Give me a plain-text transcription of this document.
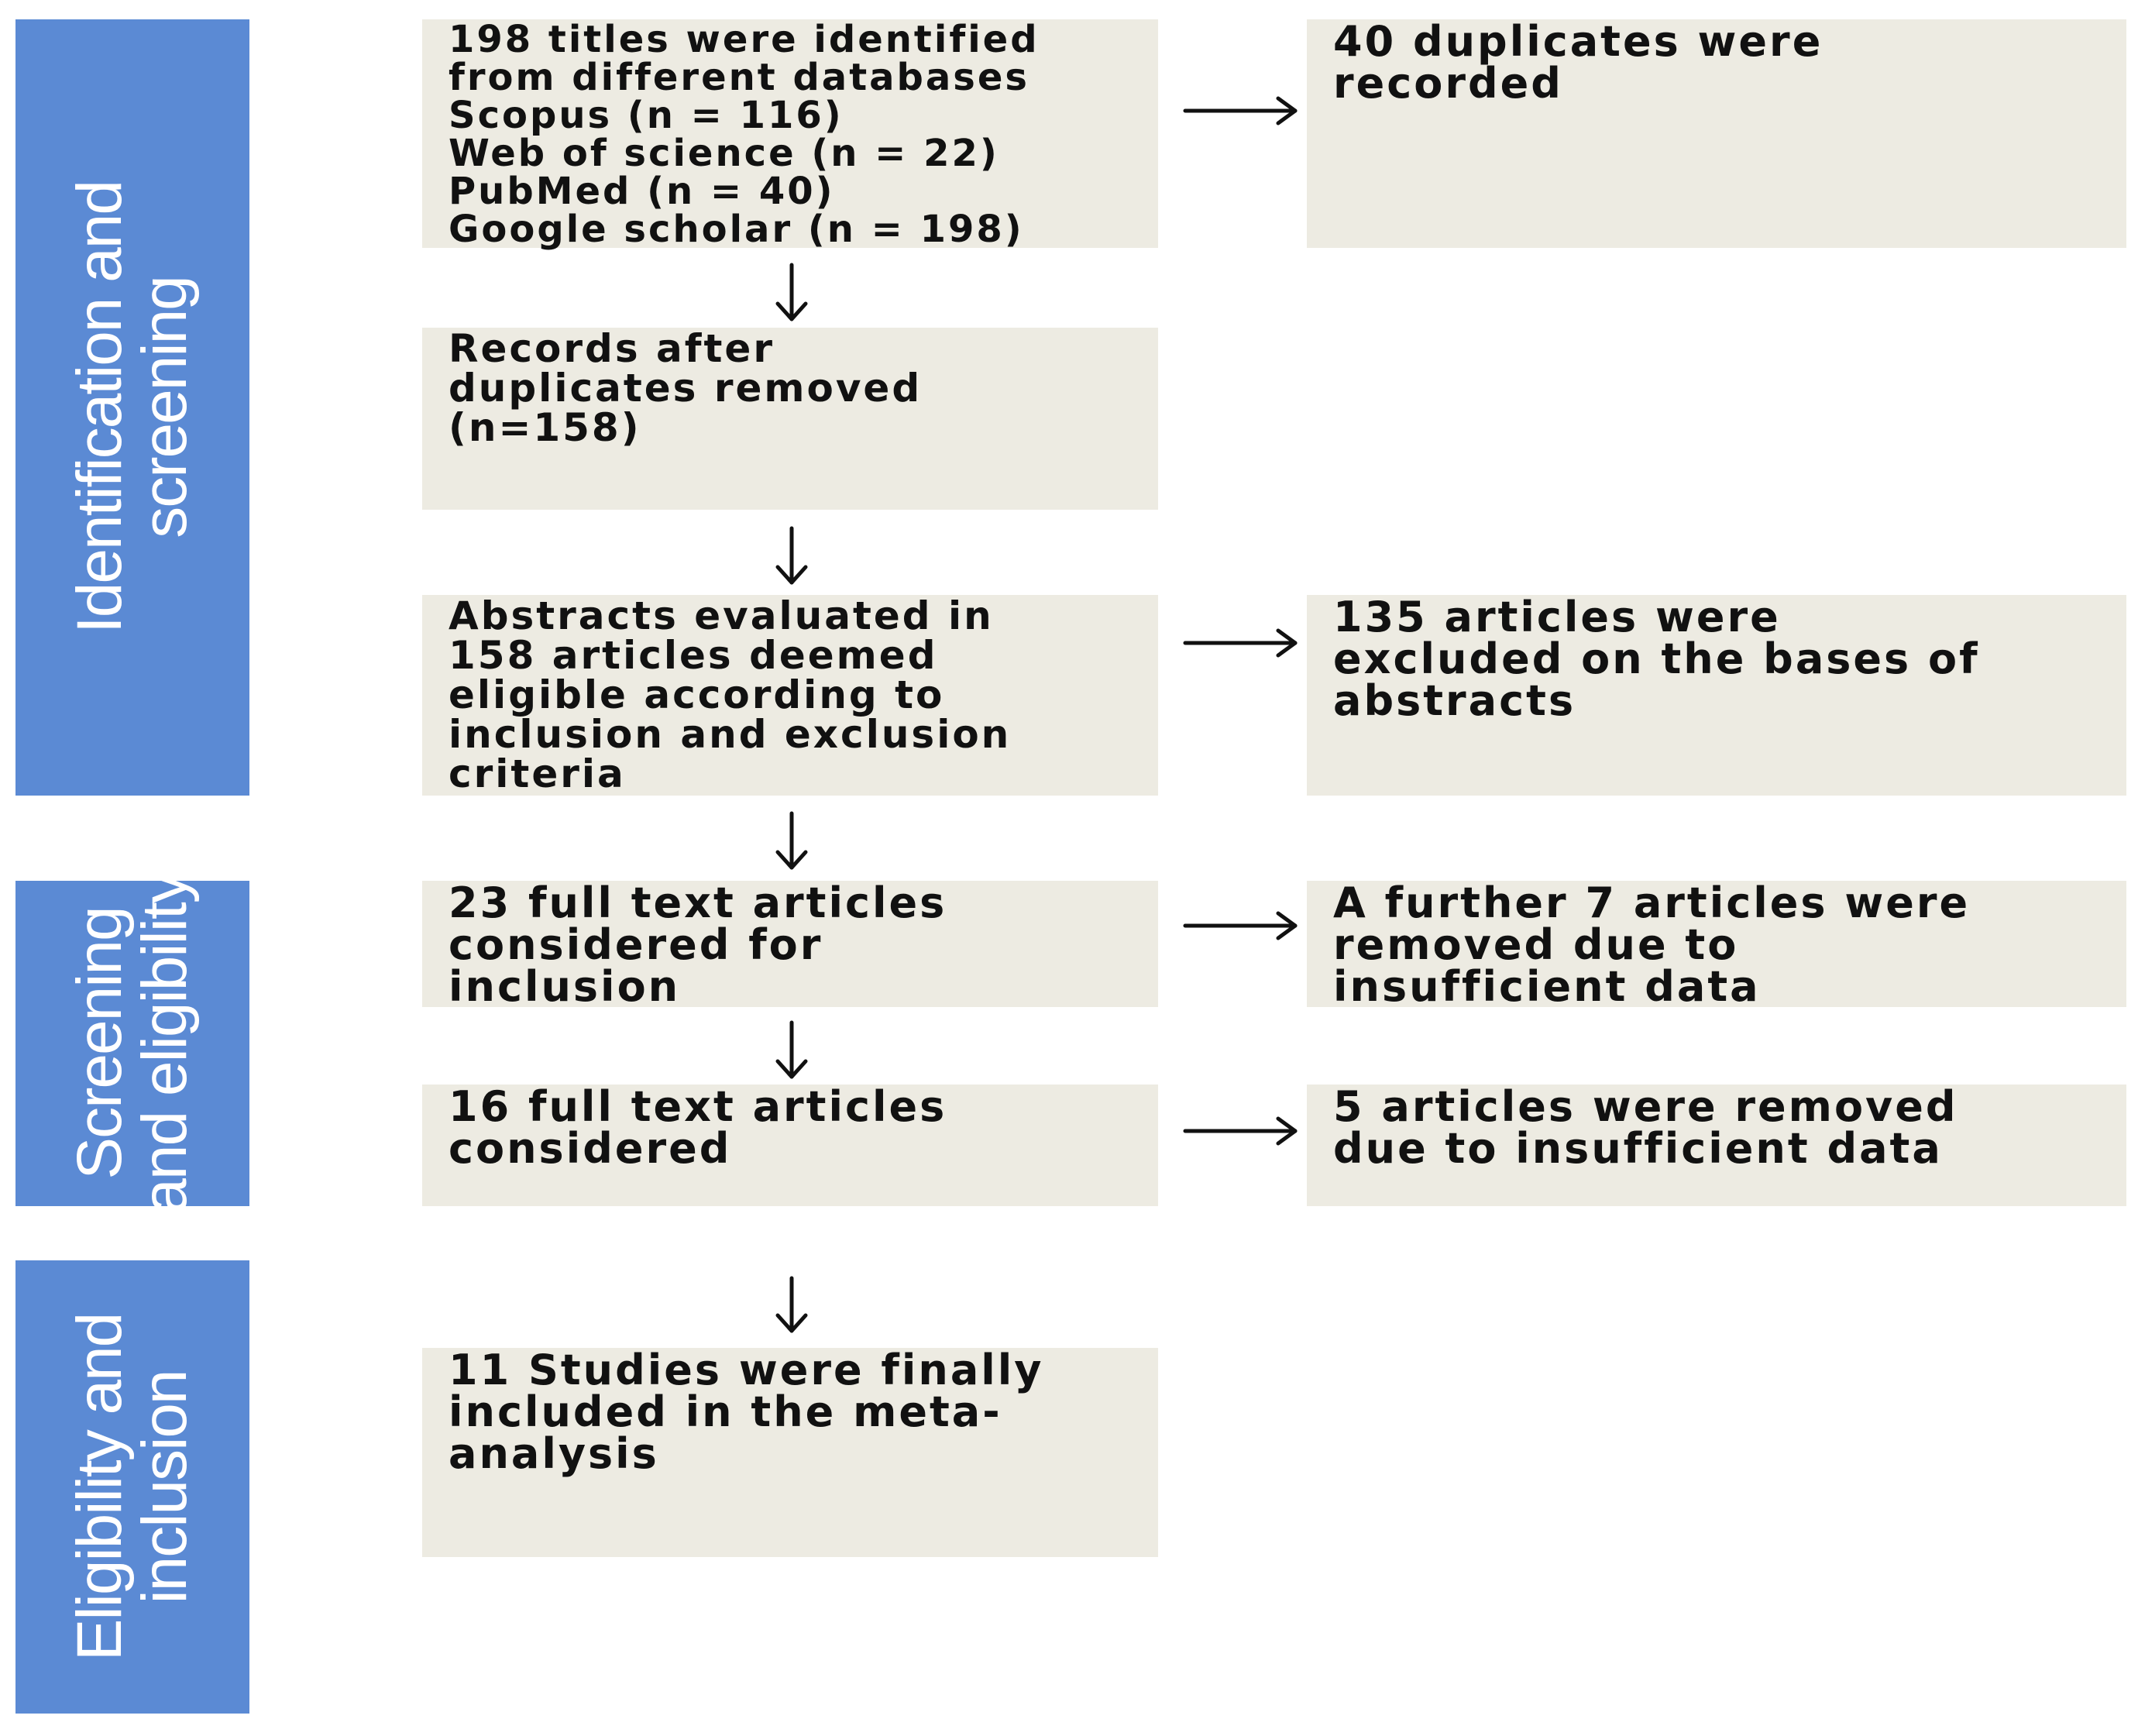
Identification and
screening
Screening
and eligibility
Eligibility and
inclusion
198 titles were identified
from different databases
Scopus (n = 116)
Web of science (n = 22)
PubMed (n = 40)
Google scholar (n = 198)
Records after
duplicates removed
(n=158)
Abstracts evaluated in
158 articles deemed
eligible according to
inclusion and exclusion
criteria
23 full text articles
considered for
inclusion
16 full text articles
considered
11 Studies were finally
included in the meta-
analysis
40 duplicates were
recorded
135 articles were
excluded on the bases of
abstracts
A further 7 articles were
removed due to
insufficient data
5 articles were removed
due to insufficient data
